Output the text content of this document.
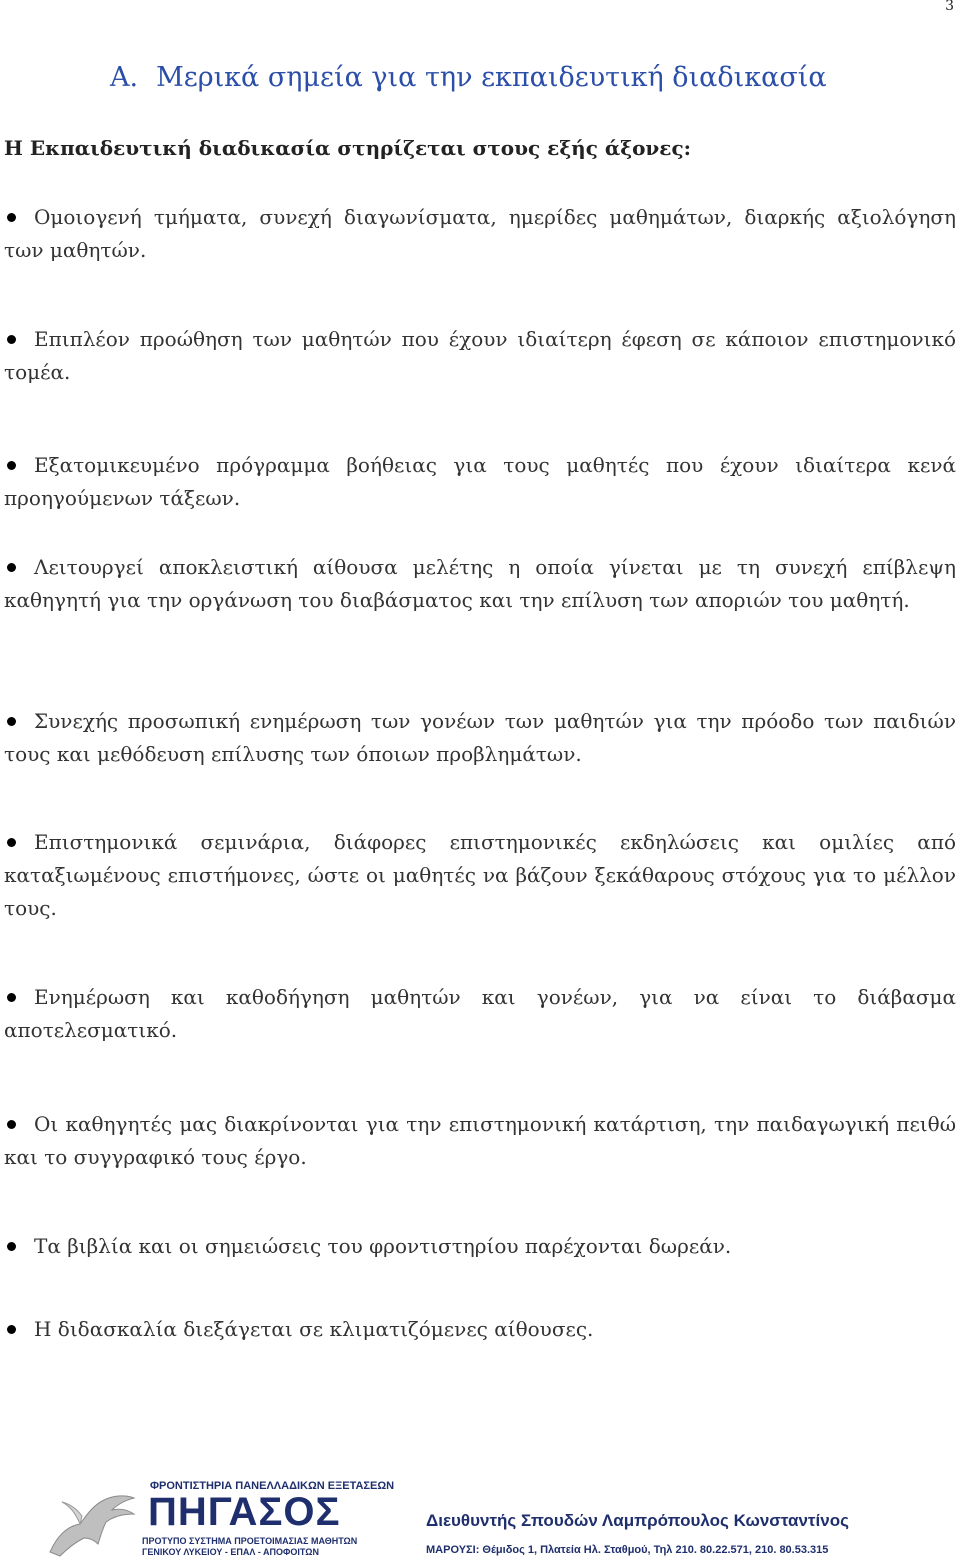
3
Α. Μερικά σημεία για την εκπαιδευτική διαδικασία

Η Εκπαιδευτική διαδικασία στηρίζεται στους εξής άξονες:

Ομοιογενή τμήματα, συνεχή διαγωνίσματα, ημερίδες μαθημάτων, διαρκής αξιολόγηση των μαθητών.
Επιπλέον προώθηση των μαθητών που έχουν ιδιαίτερη έφεση σε κάποιον επιστημονικό τομέα.
Εξατομικευμένο πρόγραμμα βοήθειας για τους μαθητές που έχουν ιδιαίτερα κενά προηγούμενων τάξεων.
Λειτουργεί αποκλειστική αίθουσα μελέτης η οποία γίνεται με τη συνεχή επίβλεψη καθηγητή για την οργάνωση του διαβάσματος και την επίλυση των αποριών του μαθητή.
Συνεχής προσωπική ενημέρωση των γονέων των μαθητών για την πρόοδο των παιδιών τους και μεθόδευση επίλυσης των όποιων προβλημάτων.
Επιστημονικά σεμινάρια, διάφορες επιστημονικές εκδηλώσεις και ομιλίες από καταξιωμένους επιστήμονες, ώστε οι μαθητές να βάζουν ξεκάθαρους στόχους για το μέλλον τους.
Ενημέρωση και καθοδήγηση μαθητών και γονέων, για να είναι το διάβασμα αποτελεσματικό.
Οι καθηγητές μας διακρίνονται για την επιστημονική κατάρτιση, την παιδαγωγική πειθώ και το συγγραφικό τους έργο.
Τα βιβλία και οι σημειώσεις του φροντιστηρίου παρέχονται δωρεάν.
Η διδασκαλία διεξάγεται σε κλιματιζόμενες αίθουσες.
ΦΡΟΝΤΙΣΤΗΡΙΑ ΠΑΝΕΛΛΑΔΙΚΩΝ ΕΞΕΤΑΣΕΩΝ
ΠΗΓΑΣΟΣ
ΠΡΟΤΥΠΟ ΣΥΣΤΗΜΑ ΠΡΟΕΤΟΙΜΑΣΙΑΣ ΜΑΘΗΤΩΝ
ΓΕΝΙΚΟΥ ΛΥΚΕΙΟΥ - ΕΠΑΛ - ΑΠΟΦΟΙΤΩΝ
Διευθυντής Σπουδών Λαμπρόπουλος Κωνσταντίνος
ΜΑΡΟΥΣΙ: Θέμιδος 1, Πλατεία Ηλ. Σταθμού, Τηλ 210. 80.22.571, 210. 80.53.315
